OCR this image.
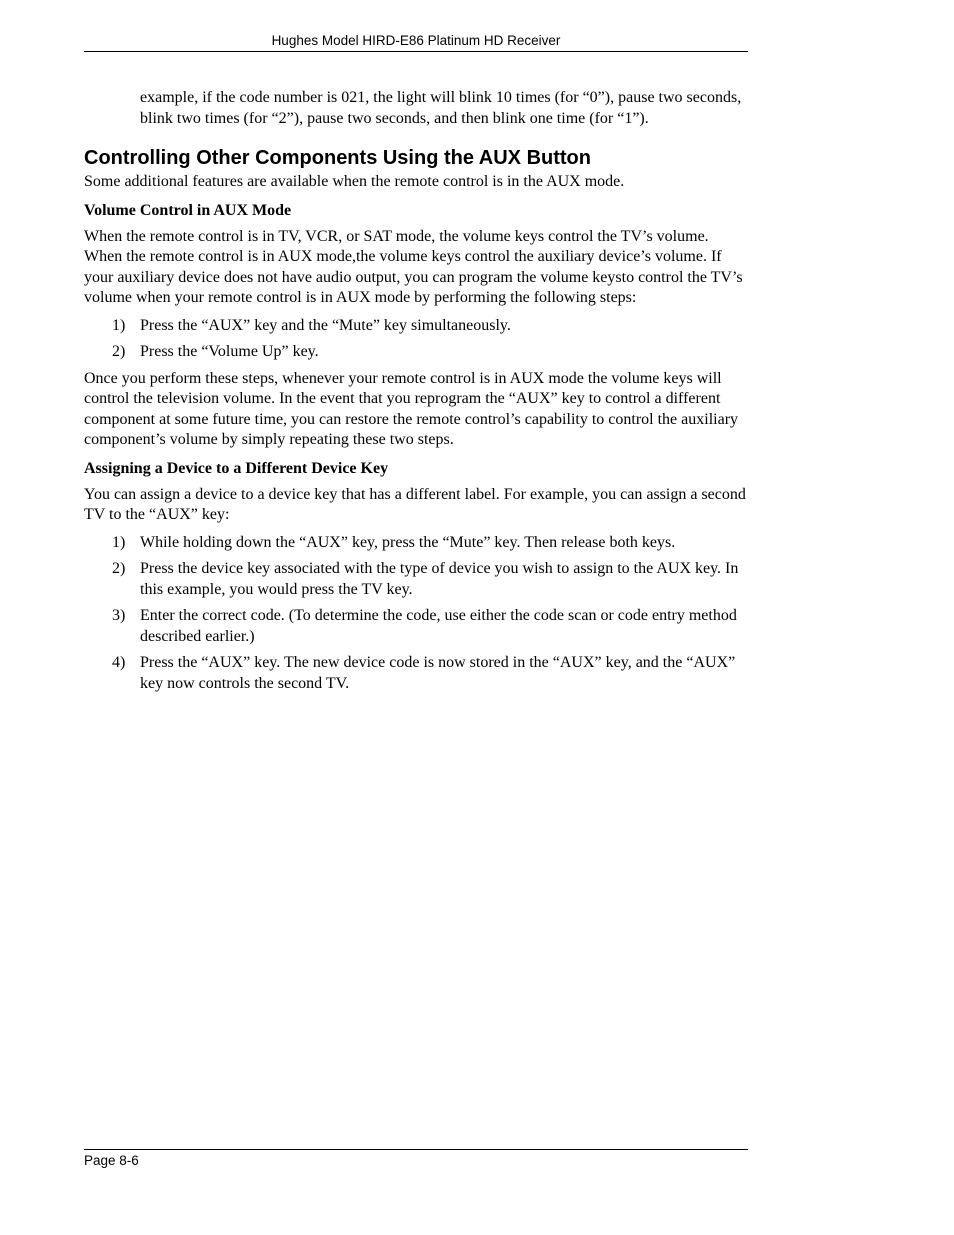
Hughes Model HIRD-E86 Platinum HD Receiver

example, if the code number is 021, the light will blink 10 times (for “0”), pause two seconds, blink two times (for “2”), pause two seconds, and then blink one time (for “1”).

Controlling Other Components Using the AUX Button

Some additional features are available when the remote control is in the AUX mode.

Volume Control in AUX Mode

When the remote control is in TV, VCR, or SAT mode, the volume keys control the TV’s volume. When the remote control is in AUX mode,the volume keys control the auxiliary device’s volume. If your auxiliary device does not have audio output, you can program the volume keysto control the TV’s volume when your remote control is in AUX mode by performing the following steps:

1) Press the “AUX” key and the “Mute” key simultaneously.
2) Press the “Volume Up” key.

Once you perform these steps, whenever your remote control is in AUX mode the volume keys will control the television volume. In the event that you reprogram the “AUX” key to control a different component at some future time, you can restore the remote control’s capability to control the auxiliary component’s volume by simply repeating these two steps.

Assigning a Device to a Different Device Key

You can assign a device to a device key that has a different label. For example, you can assign a second TV to the “AUX” key:

1) While holding down the “AUX” key, press the “Mute” key. Then release both keys.
2) Press the device key associated with the type of device you wish to assign to the AUX key. In this example, you would press the TV key.
3) Enter the correct code. (To determine the code, use either the code scan or code entry method described earlier.)
4) Press the “AUX” key. The new device code is now stored in the “AUX” key, and the “AUX” key now controls the second TV.
Page 8-6
